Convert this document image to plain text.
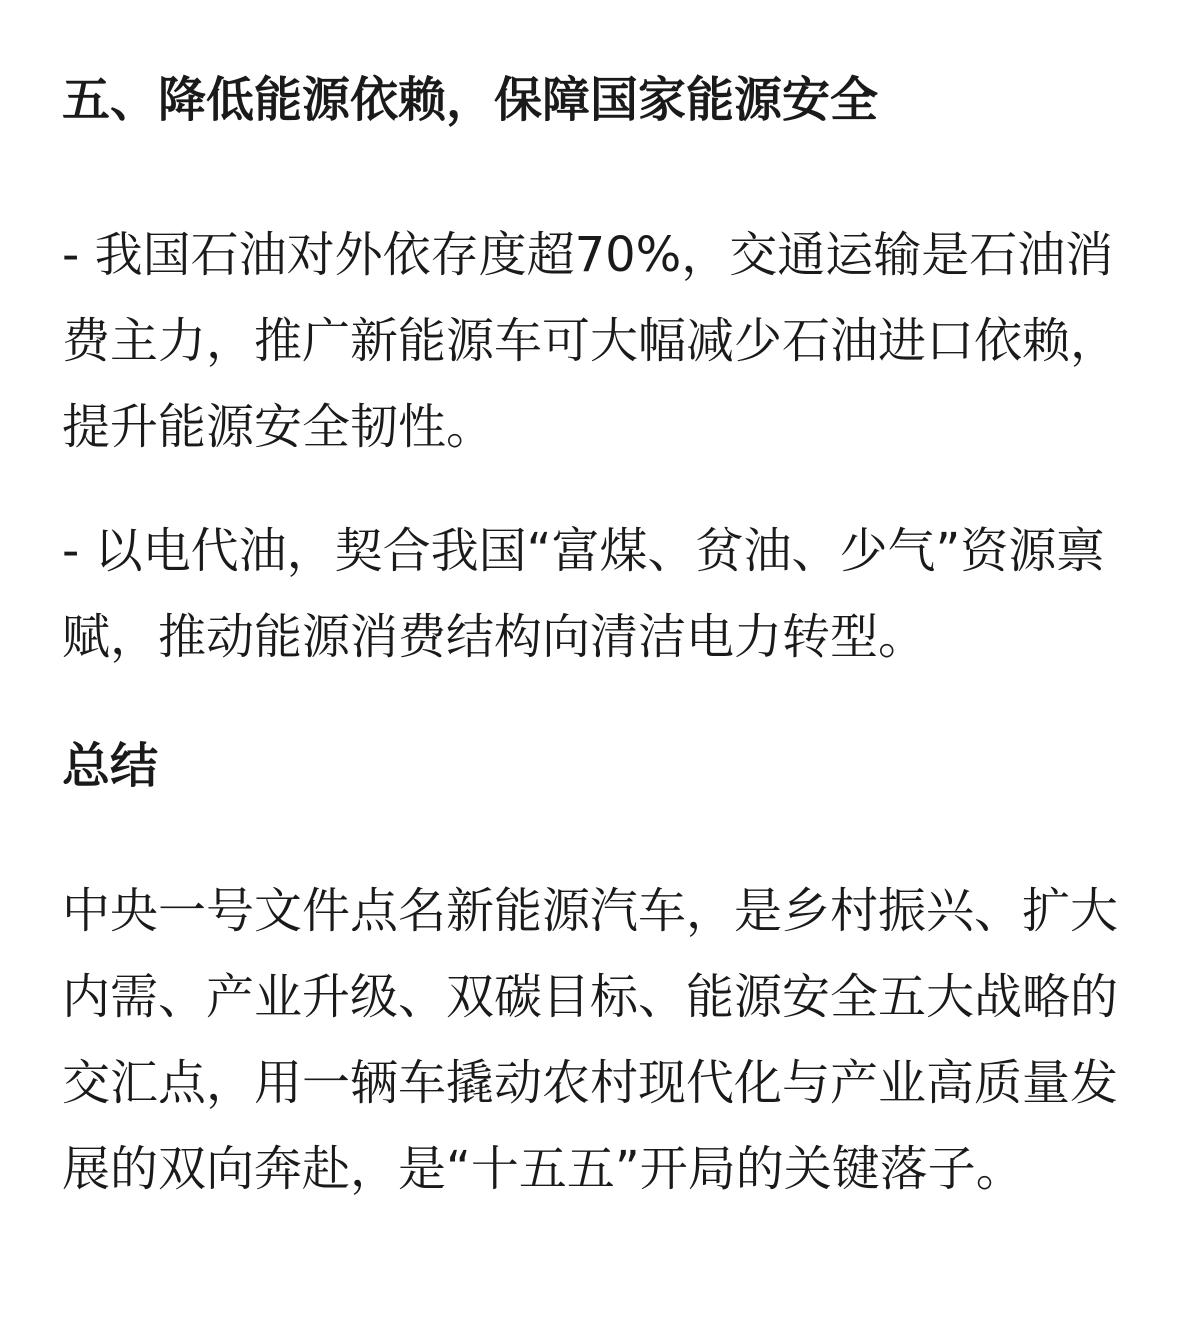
五、降低能源依赖，保障国家能源安全

- 我国石油对外依存度超70%，交通运输是石油消费主力，推广新能源车可大幅减少石油进口依赖，提升能源安全韧性。

- 以电代油，契合我国“富煤、贫油、少气”资源禀赋，推动能源消费结构向清洁电力转型。

总结

中央一号文件点名新能源汽车，是乡村振兴、扩大内需、产业升级、双碳目标、能源安全五大战略的交汇点，用一辆车撬动农村现代化与产业高质量发展的双向奔赴，是“十五五”开局的关键落子。
